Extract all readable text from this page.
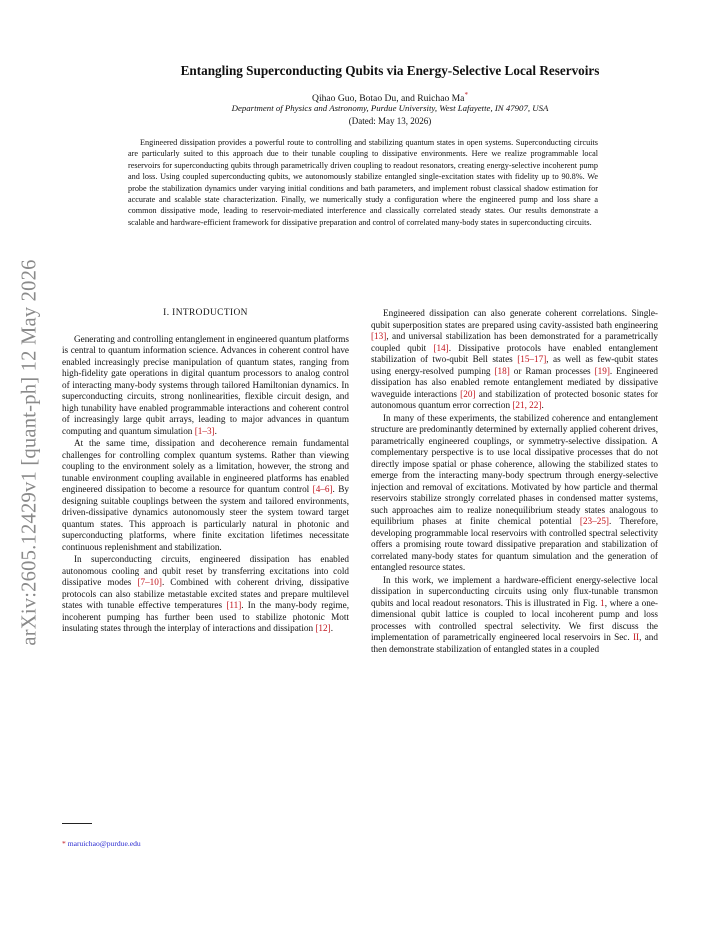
arXiv:2605.12429v1 [quant-ph] 12 May 2026
Entangling Superconducting Qubits via Energy-Selective Local Reservoirs
Qihao Guo, Botao Du, and Ruichao Ma*
Department of Physics and Astronomy, Purdue University, West Lafayette, IN 47907, USA
(Dated: May 13, 2026)

Engineered dissipation provides a powerful route to controlling and stabilizing quantum states in open systems. Superconducting circuits are particularly suited to this approach due to their tunable coupling to dissipative environments. Here we realize programmable local reservoirs for superconducting qubits through parametrically driven coupling to readout resonators, creating energy-selective incoherent pump and loss. Using coupled superconducting qubits, we autonomously stabilize entangled single-excitation states with fidelity up to 90.8%. We probe the stabilization dynamics under varying initial conditions and bath parameters, and implement robust classical shadow estimation for accurate and scalable state characterization. Finally, we numerically study a configuration where the engineered pump and loss share a common dissipative mode, leading to reservoir-mediated interference and classically correlated steady states. Our results demonstrate a scalable and hardware-efficient framework for dissipative preparation and control of correlated many-body states in superconducting circuits.

I. INTRODUCTION

Generating and controlling entanglement in engineered quantum platforms is central to quantum information science. Advances in coherent control have enabled increasingly precise manipulation of quantum states, ranging from high-fidelity gate operations in digital quantum processors to analog control of interacting many-body systems through tailored Hamiltonian dynamics. In superconducting circuits, strong nonlinearities, flexible circuit design, and high tunability have enabled programmable interactions and coherent control of increasingly large qubit arrays, leading to major advances in quantum computing and quantum simulation [1–3].

At the same time, dissipation and decoherence remain fundamental challenges for controlling complex quantum systems. Rather than viewing coupling to the environment solely as a limitation, however, the strong and tunable environment coupling available in engineered platforms has enabled engineered dissipation to become a resource for quantum control [4–6]. By designing suitable couplings between the system and tailored environments, driven-dissipative dynamics autonomously steer the system toward target quantum states. This approach is particularly natural in photonic and superconducting platforms, where finite excitation lifetimes necessitate continuous replenishment and stabilization.

In superconducting circuits, engineered dissipation has enabled autonomous cooling and qubit reset by transferring excitations into cold dissipative modes [7–10]. Combined with coherent driving, dissipative protocols can also stabilize metastable excited states and prepare multilevel states with tunable effective temperatures [11]. In the many-body regime, incoherent pumping has further been used to stabilize photonic Mott insulating states through the interplay of interactions and dissipation [12].

Engineered dissipation can also generate coherent correlations. Single-qubit superposition states are prepared using cavity-assisted bath engineering [13], and universal stabilization has been demonstrated for a parametrically coupled qubit [14]. Dissipative protocols have enabled entanglement stabilization of two-qubit Bell states [15–17], as well as few-qubit states using energy-resolved pumping [18] or Raman processes [19]. Engineered dissipation has also enabled remote entanglement mediated by dissipative waveguide interactions [20] and stabilization of protected bosonic states for autonomous quantum error correction [21, 22].

In many of these experiments, the stabilized coherence and entanglement structure are predominantly determined by externally applied coherent drives, parametrically engineered couplings, or symmetry-selective dissipation. A complementary perspective is to use local dissipative processes that do not directly impose spatial or phase coherence, allowing the stabilized states to emerge from the interacting many-body spectrum through energy-selective injection and removal of excitations. Motivated by how particle and thermal reservoirs stabilize strongly correlated phases in condensed matter systems, such approaches aim to realize nonequilibrium steady states analogous to equilibrium phases at finite chemical potential [23–25]. Therefore, developing programmable local reservoirs with controlled spectral selectivity offers a promising route toward dissipative preparation and stabilization of correlated many-body states for quantum simulation and the generation of entangled resource states.

In this work, we implement a hardware-efficient energy-selective local dissipation in superconducting circuits using only flux-tunable transmon qubits and local readout resonators. This is illustrated in Fig. 1, where a one-dimensional qubit lattice is coupled to local incoherent pump and loss processes with controlled spectral selectivity. We first discuss the implementation of parametrically engineered local reservoirs in Sec. II, and then demonstrate stabilization of entangled states in a coupled

* maruichao@purdue.edu
